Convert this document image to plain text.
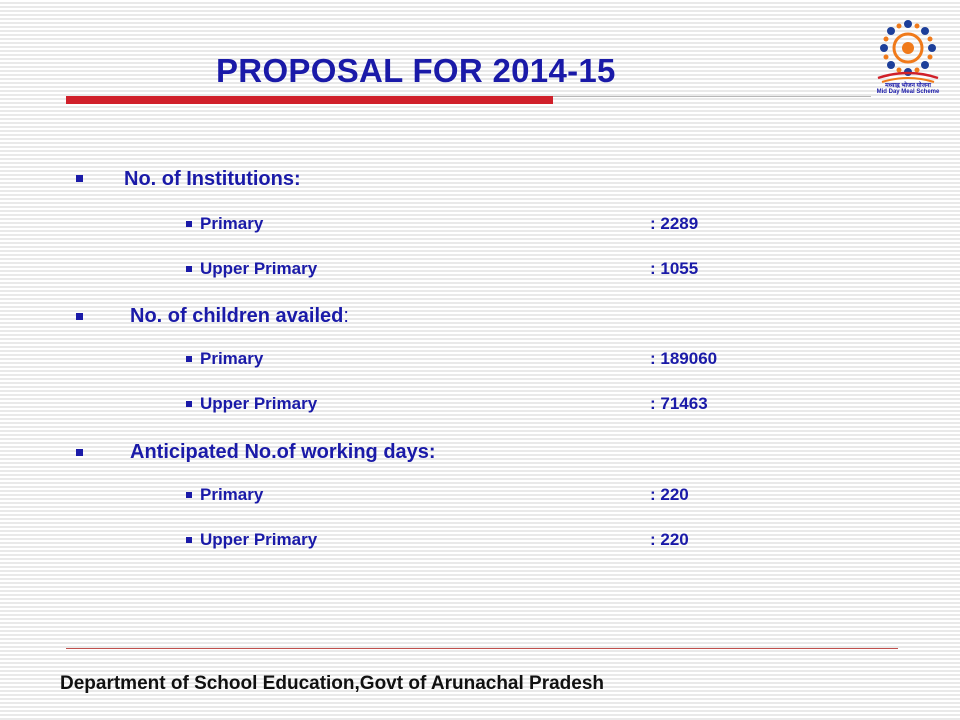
PROPOSAL FOR 2014-15	मध्याह्न भोजन योजना
Mid Day Meal Scheme
No. of Institutions:
Primary	: 2289
Upper Primary	: 1055
No. of children availed:
Primary	: 189060
Upper Primary	: 71463
Anticipated No.of working days:
Primary	: 220
Upper Primary	: 220
Department of School Education,Govt of Arunachal Pradesh
